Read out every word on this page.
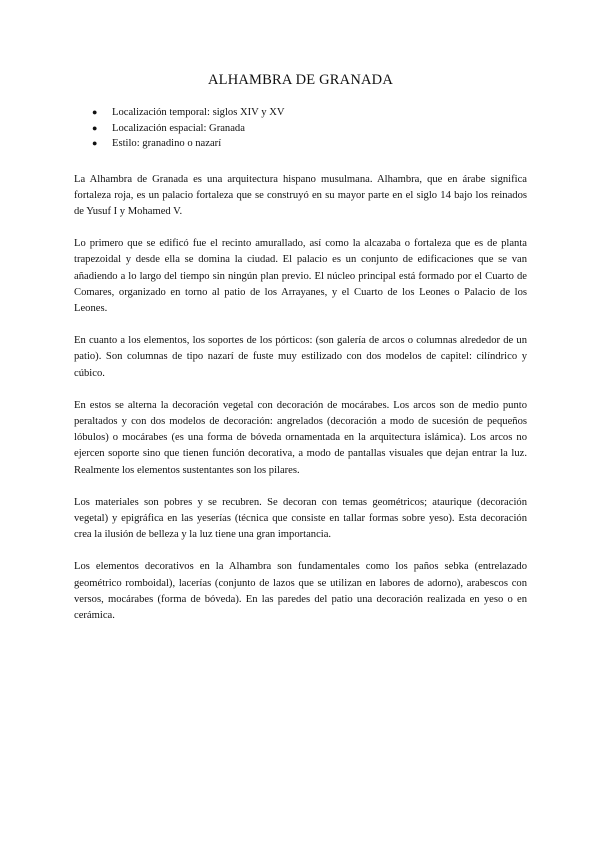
ALHAMBRA DE GRANADA
● Localización temporal: siglos XIV y XV
● Localización espacial: Granada
● Estilo: granadino o nazarí

La Alhambra de Granada es una arquitectura hispano musulmana. Alhambra, que en árabe significa fortaleza roja, es un palacio fortaleza que se construyó en su mayor parte en el siglo 14 bajo los reinados de Yusuf I y Mohamed V.

Lo primero que se edificó fue el recinto amurallado, así como la alcazaba o fortaleza que es de planta trapezoidal y desde ella se domina la ciudad. El palacio es un conjunto de edificaciones que se van añadiendo a lo largo del tiempo sin ningún plan previo. El núcleo principal está formado por el Cuarto de Comares, organizado en torno al patio de los Arrayanes, y el Cuarto de los Leones o Palacio de los Leones.

En cuanto a los elementos, los soportes de los pórticos: (son galería de arcos o columnas alrededor de un patio). Son columnas de tipo nazarí de fuste muy estilizado con dos modelos de capitel: cilíndrico y cúbico.

En estos se alterna la decoración vegetal con decoración de mocárabes. Los arcos son de medio punto peraltados y con dos modelos de decoración: angrelados (decoración a modo de sucesión de pequeños lóbulos) o mocárabes (es una forma de bóveda ornamentada en la arquitectura islámica). Los arcos no ejercen soporte sino que tienen función decorativa, a modo de pantallas visuales que dejan entrar la luz. Realmente los elementos sustentantes son los pilares.

Los materiales son pobres y se recubren. Se decoran con temas geométricos; ataurique (decoración vegetal) y epigráfica en las yeserías (técnica que consiste en tallar formas sobre yeso). Esta decoración crea la ilusión de belleza y la luz tiene una gran importancia.

Los elementos decorativos en la Alhambra son fundamentales como los paños sebka (entrelazado geométrico romboidal), lacerías (conjunto de lazos que se utilizan en labores de adorno), arabescos con versos, mocárabes (forma de bóveda). En las paredes del patio una decoración realizada en yeso o en cerámica.
